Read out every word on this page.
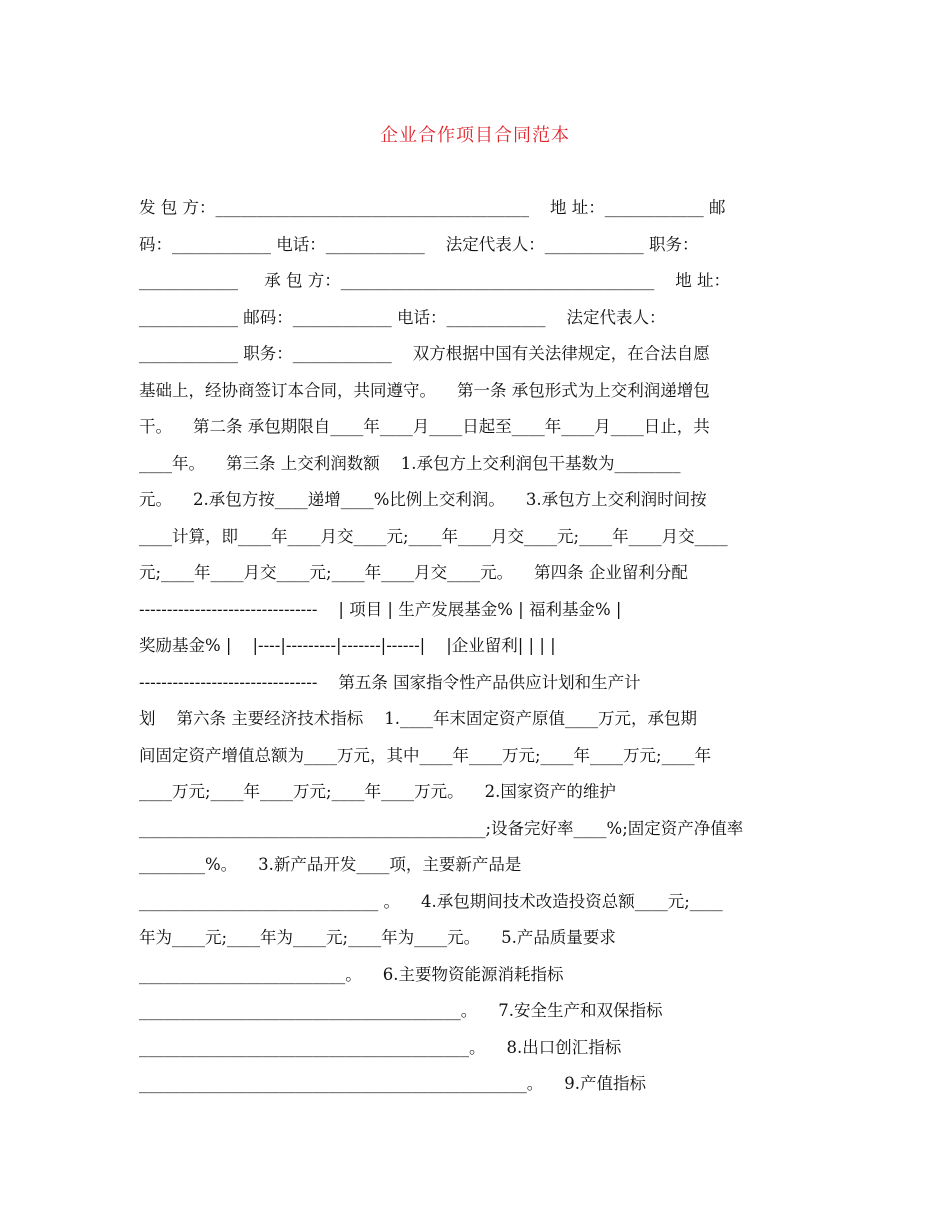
企业合作项目合同范本
发 包 方：______________________________________    地 址：____________ 邮
码：____________ 电话：____________    法定代表人：____________ 职务：
____________     承 包 方：______________________________________    地 址：
____________ 邮码：____________ 电话：____________    法定代表人：
____________ 职务：____________    双方根据中国有关法律规定，在合法自愿
基础上，经协商签订本合同，共同遵守。    第一条 承包形式为上交利润递增包
干。    第二条 承包期限自____年____月____日起至____年____月____日止，共
____年。    第三条 上交利润数额    1.承包方上交利润包干基数为________
元。    2.承包方按____递增____%比例上交利润。    3.承包方上交利润时间按
____计算，即____年____月交____元;____年____月交____元;____年____月交____
元;____年____月交____元;____年____月交____元。    第四条 企业留利分配
--------------------------------    | 项目 | 生产发展基金% | 福利基金% |
奖励基金% |    |----|---------|-------|------|    |企业留利| | | |
--------------------------------    第五条 国家指令性产品供应计划和生产计
划    第六条 主要经济技术指标    1.____年末固定资产原值____万元，承包期
间固定资产增值总额为____万元，其中____年____万元;____年____万元;____年
____万元;____年____万元;____年____万元。    2.国家资产的维护
__________________________________________;设备完好率____%;固定资产净值率
________%。    3.新产品开发____项，主要新产品是
_____________________________ 。    4.承包期间技术改造投资总额____元;____
年为____元;____年为____元;____年为____元。    5.产品质量要求
_________________________。    6.主要物资能源消耗指标
_______________________________________。    7.安全生产和双保指标
________________________________________。    8.出口创汇指标
_______________________________________________。    9.产值指标
